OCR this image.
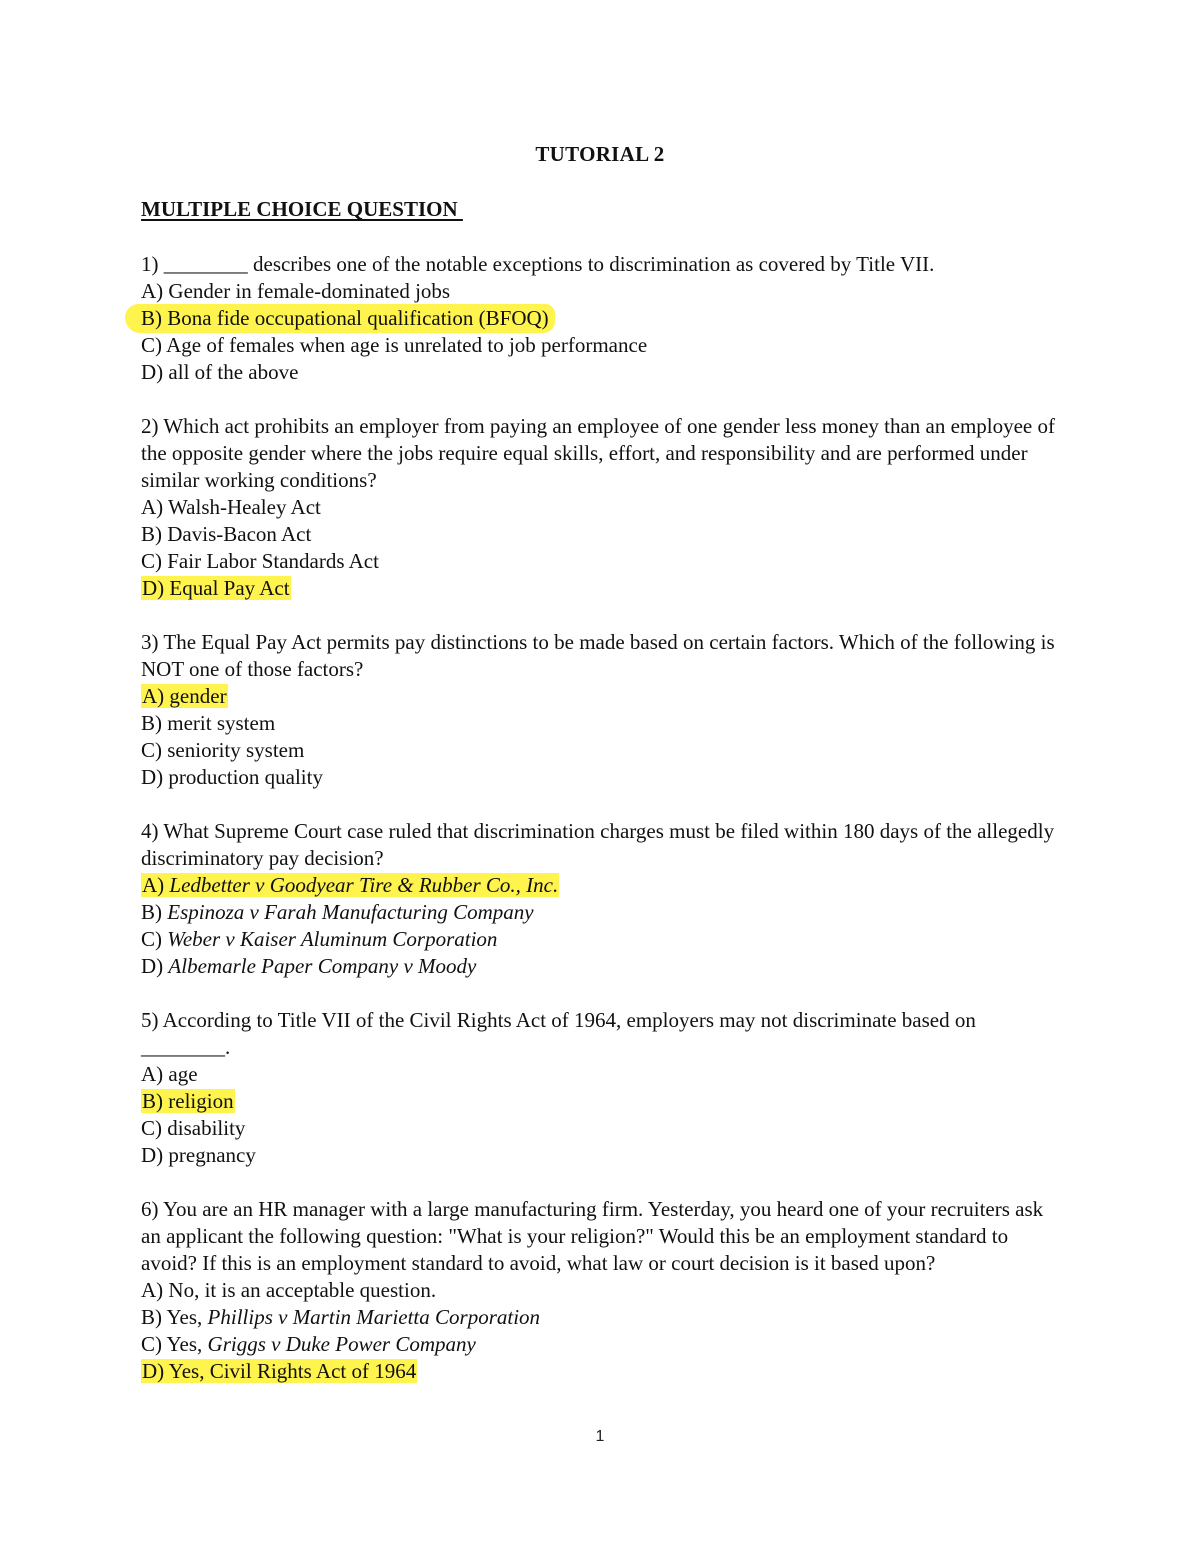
TUTORIAL 2
MULTIPLE CHOICE QUESTION

1) ________ describes one of the notable exceptions to discrimination as covered by Title VII.

A) Gender in female-dominated jobs

B) Bona fide occupational qualification (BFOQ)

C) Age of females when age is unrelated to job performance

D) all of the above

2) Which act prohibits an employer from paying an employee of one gender less money than an employee of the opposite gender where the jobs require equal skills, effort, and responsibility and are performed under similar working conditions?

A) Walsh-Healey Act

B) Davis-Bacon Act

C) Fair Labor Standards Act

D) Equal Pay Act

3) The Equal Pay Act permits pay distinctions to be made based on certain factors. Which of the following is NOT one of those factors?

A) gender

B) merit system

C) seniority system

D) production quality

4) What Supreme Court case ruled that discrimination charges must be filed within 180 days of the allegedly discriminatory pay decision?

A) Ledbetter v Goodyear Tire & Rubber Co., Inc.

B) Espinoza v Farah Manufacturing Company

C) Weber v Kaiser Aluminum Corporation

D) Albemarle Paper Company v Moody

5) According to Title VII of the Civil Rights Act of 1964, employers may not discriminate based on ________.

A) age

B) religion

C) disability

D) pregnancy

6) You are an HR manager with a large manufacturing firm. Yesterday, you heard one of your recruiters ask an applicant the following question: "What is your religion?" Would this be an employment standard to avoid? If this is an employment standard to avoid, what law or court decision is it based upon?

A) No, it is an acceptable question.

B) Yes, Phillips v Martin Marietta Corporation

C) Yes, Griggs v Duke Power Company

D) Yes, Civil Rights Act of 1964

1
